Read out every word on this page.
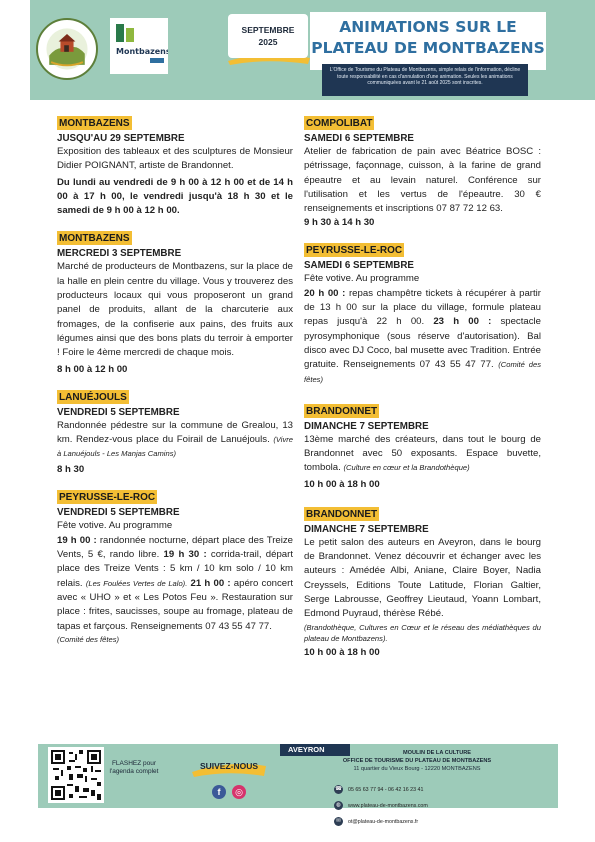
Montbazens
SEPTEMBRE
2025
ANIMATIONS SUR LE
PLATEAU DE MONTBAZENS

L'Office de Tourisme du Plateau de Montbazens, simple relais de l'information, décline toute responsabilité en cas d'annulation d'une animation. Seules les animations communiquées avant le 21 août 2025 sont inscrites.

MONTBAZENS
JUSQU'AU 29 SEPTEMBRE
Exposition des tableaux et des sculptures de Monsieur Didier POIGNANT, artiste de Brandonnet.
Du lundi au vendredi de 9 h 00 à 12 h 00 et de 14 h 00 à 17 h 00, le vendredi jusqu'à 18 h 30 et le samedi de 9 h 00 à 12 h 00.
MONTBAZENS
MERCREDI 3 SEPTEMBRE
Marché de producteurs de Montbazens, sur la place de la halle en plein centre du village. Vous y trouverez des producteurs locaux qui vous proposeront un grand panel de produits, allant de la charcuterie aux fromages, de la confiserie aux pains, des fruits aux légumes ainsi que des bons plats du terroir à emporter ! Foire le 4ème mercredi de chaque mois.
8 h 00 à 12 h 00
LANUÉJOULS
VENDREDI 5 SEPTEMBRE
Randonnée pédestre sur la commune de Grealou, 13 km. Rendez-vous place du Foirail de Lanuéjouls. (Vivre à Lanuéjouls - Les Manjas Camins)
8 h 30
PEYRUSSE-LE-ROC
VENDREDI 5 SEPTEMBRE
Fête votive. Au programme
19 h 00 : randonnée nocturne, départ place des Treize Vents, 5 €, rando libre. 19 h 30 : corrida-trail, départ place des Treize Vents : 5 km / 10 km solo / 10 km relais. (Les Foulées Vertes de Lalo). 21 h 00 : apéro concert avec « UHO » et « Les Potos Feu ». Restauration sur place : frites, saucisses, soupe au fromage, plateau de tapas et farçous. Renseignements 07 43 55 47 77.
(Comité des fêtes)
COMPOLIBAT
SAMEDI 6 SEPTEMBRE
Atelier de fabrication de pain avec Béatrice BOSC : pétrissage, façonnage, cuisson, à la farine de grand épeautre et au levain naturel. Conférence sur l'utilisation et les vertus de l'épeautre. 30 € renseignements et inscriptions 07 87 72 12 63.
9 h 30 à 14 h 30
PEYRUSSE-LE-ROC
SAMEDI 6 SEPTEMBRE
Fête votive. Au programme
20 h 00 : repas champêtre tickets à récupérer à partir de 13 h 00 sur la place du village, formule plateau repas jusqu'à 22 h 00. 23 h 00 : spectacle pyrosymphonique (sous réserve d'autorisation). Bal disco avec DJ Coco, bal musette avec Tradition. Entrée gratuite. Renseignements 07 43 55 47 77. (Comité des fêtes)
BRANDONNET
DIMANCHE 7 SEPTEMBRE
13ème marché des créateurs, dans tout le bourg de Brandonnet avec 50 exposants. Espace buvette, tombola. (Culture en cœur et la Brandothèque)
10 h 00 à 18 h 00
BRANDONNET
DIMANCHE 7 SEPTEMBRE
Le petit salon des auteurs en Aveyron, dans le bourg de Brandonnet. Venez découvrir et échanger avec les auteurs : Amédée Albi, Aniane, Claire Boyer, Nadia Creyssels, Editions Toute Latitude, Florian Galtier, Serge Labrousse, Geoffrey Lieutaud, Yoann Lombart, Edmond Puyraud, thérèse Rébé.
(Brandothèque, Cultures en Cœur et le réseau des médiathèques du plateau de Montbazens).
10 h 00 à 18 h 00
FLASHEZ pour l'agenda complet
SUIVEZ-NOUS
f	◎
AVEYRON	MOULIN DE LA CULTURE
OFFICE DE TOURISME DU PLATEAU DE MONTBAZENS
11 quartier du Vieux Bourg - 12220 MONTBAZENS
☎ 05 65 63 77 94 - 06 42 16 23 41
◍	www.plateau-de-montbazens.com
✉	ot@plateau-de-montbazens.fr
